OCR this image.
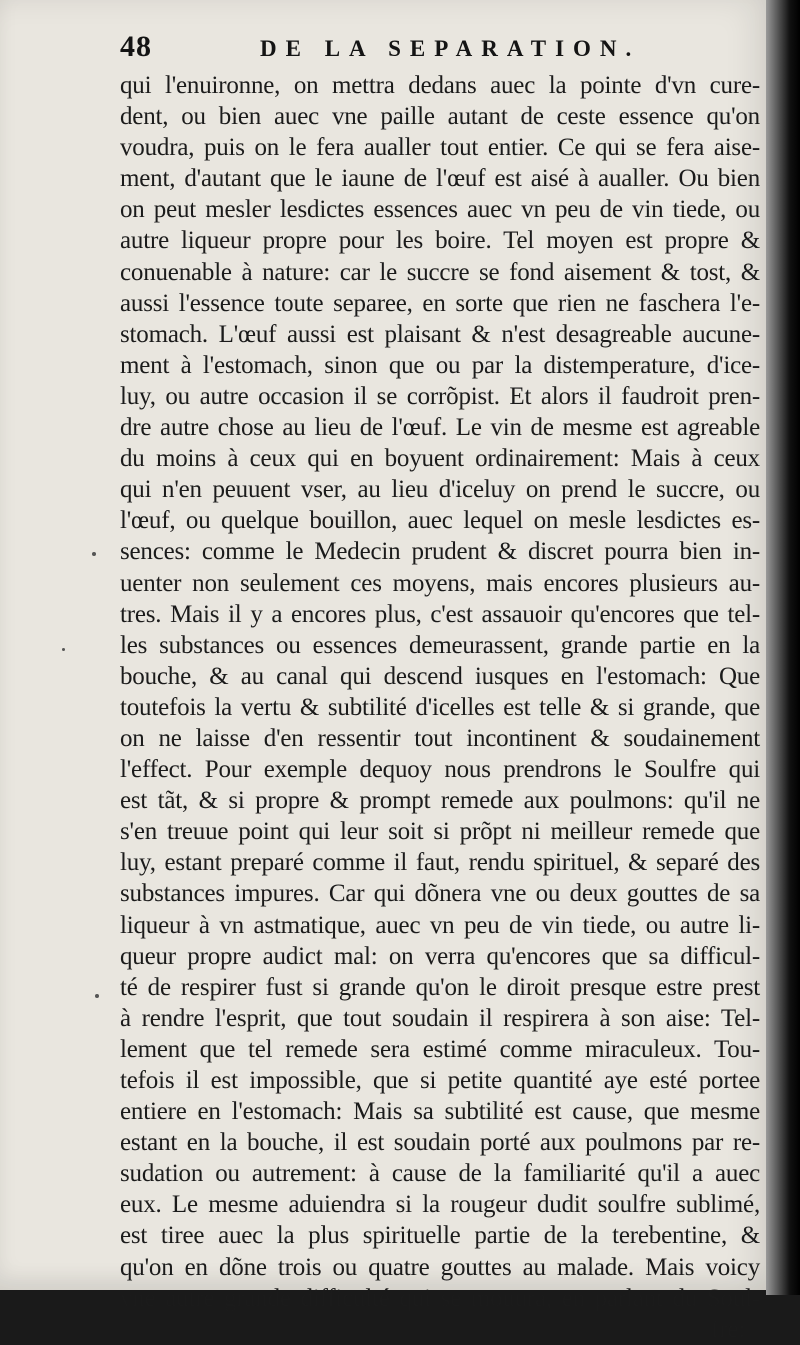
48	DE LA SEPARATION.
qui l'enuironne, on mettra dedans auec la pointe d'vn cure-
dent, ou bien auec vne paille autant de ceste essence qu'on
voudra, puis on le fera aualler tout entier. Ce qui se fera aise-
ment, d'autant que le iaune de l'œuf est aisé à aualler. Ou bien
on peut mesler lesdictes essences auec vn peu de vin tiede, ou
autre liqueur propre pour les boire. Tel moyen est propre &
conuenable à nature: car le succre se fond aisement & tost, &
aussi l'essence toute separee, en sorte que rien ne faschera l'e-
stomach. L'œuf aussi est plaisant & n'est desagreable aucune-
ment à l'estomach, sinon que ou par la distemperature, d'ice-
luy, ou autre occasion il se corrõpist. Et alors il faudroit pren-
dre autre chose au lieu de l'œuf. Le vin de mesme est agreable
du moins à ceux qui en boyuent ordinairement: Mais à ceux
qui n'en peuuent vser, au lieu d'iceluy on prend le succre, ou
l'œuf, ou quelque bouillon, auec lequel on mesle lesdictes es-
sences: comme le Medecin prudent & discret pourra bien in-
uenter non seulement ces moyens, mais encores plusieurs au-
tres. Mais il y a encores plus, c'est assauoir qu'encores que tel-
les substances ou essences demeurassent, grande partie en la
bouche, & au canal qui descend iusques en l'estomach: Que
toutefois la vertu & subtilité d'icelles est telle & si grande, que
on ne laisse d'en ressentir tout incontinent & soudainement
l'effect. Pour exemple dequoy nous prendrons le Soulfre qui
est tãt, & si propre & prompt remede aux poulmons: qu'il ne
s'en treuue point qui leur soit si prõpt ni meilleur remede que
luy, estant preparé comme il faut, rendu spirituel, & separé des
substances impures. Car qui dõnera vne ou deux gouttes de sa
liqueur à vn astmatique, auec vn peu de vin tiede, ou autre li-
queur propre audict mal: on verra qu'encores que sa difficul-
té de respirer fust si grande qu'on le diroit presque estre prest
à rendre l'esprit, que tout soudain il respirera à son aise: Tel-
lement que tel remede sera estimé comme miraculeux. Tou-
tefois il est impossible, que si petite quantité aye esté portee
entiere en l'estomach: Mais sa subtilité est cause, que mesme
estant en la bouche, il est soudain porté aux poulmons par re-
sudation ou autrement: à cause de la familiarité qu'il a auec
eux. Le mesme aduiendra si la rougeur dudit soulfre sublimé,
est tiree auec la plus spirituelle partie de la terebentine, &
qu'on en dõne trois ou quatre gouttes au malade. Mais voicy
vne autre grande difficulté qui se mouura, en parlant du Soul-
fre:
